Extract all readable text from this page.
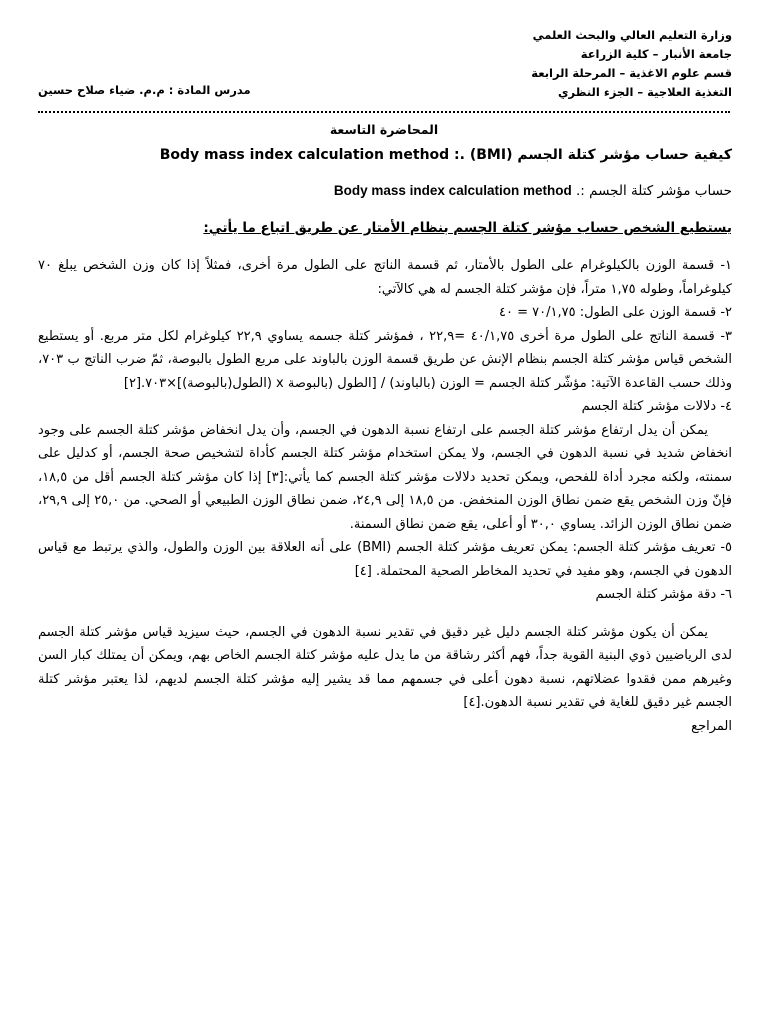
وزارة التعليم العالي والبحث العلمي
جامعة الأنبار – كلية الزراعة
قسم علوم الاغذية – المرحلة الرابعة
التغذية العلاجية – الجزء النظري
مدرس المادة : م.م. ضياء صلاح حسين
المحاضرة التاسعة
كيفية حساب مؤشر كتلة الجسم (BMI) .: Body mass index calculation method
حساب مؤشر كتلة الجسم :. Body mass index calculation method
يستطيع الشخص حساب مؤشر كتلة الجسم بنظام الأمتار عن طريق اتباع ما يأتي:

١- قسمة الوزن بالكيلوغرام على الطول بالأمتار، ثم قسمة الناتج على الطول مرة أخرى، فمثلاً إذا كان وزن الشخص يبلغ ٧٠ كيلوغراماً، وطوله ١,٧٥ متراً، فإن مؤشر كتلة الجسم له هي كالآتي:

٢- قسمة الوزن على الطول: ٧٠/١,٧٥ = ٤٠

٣- قسمة الناتج على الطول مرة أخرى ٤٠/١,٧٥ =٢٢,٩ ، فمؤشر كتلة جسمه يساوي ٢٢,٩ كيلوغرام لكل متر مربع. أو يستطيع الشخص قياس مؤشر كتلة الجسم بنظام الإنش عن طريق قسمة الوزن بالباوند على مربع الطول بالبوصة، ثمّ ضرب الناتج ب ٧٠٣، وذلك حسب القاعدة الآتية: مؤشّر كتلة الجسم = الوزن (بالباوند) / [الطول (بالبوصة x (الطول(بالبوصة)]×٧٠٣.[٢]

٤- دلالات مؤشر كتلة الجسم

يمكن أن يدل ارتفاع مؤشر كتلة الجسم على ارتفاع نسبة الدهون في الجسم، وأن يدل انخفاض مؤشر كتلة الجسم على وجود انخفاض شديد في نسبة الدهون في الجسم، ولا يمكن استخدام مؤشر كتلة الجسم كأداة لتشخيص صحة الجسم، أو كدليل على سمنته، ولكنه مجرد أداة للفحص، ويمكن تحديد دلالات مؤشر كتلة الجسم كما يأتي:[٣] إذا كان مؤشر كتلة الجسم أقل من ١٨,٥، فإنّ وزن الشخص يقع ضمن نطاق الوزن المنخفض. من ١٨,٥ إلى ٢٤,٩، ضمن نطاق الوزن الطبيعي أو الصحي. من ٢٥,٠ إلى ٢٩,٩، ضمن نطاق الوزن الزائد. يساوي ٣٠,٠ أو أعلى، يقع ضمن نطاق السمنة.

٥- تعريف مؤشر كتلة الجسم: يمكن تعريف مؤشر كتلة الجسم (BMI) على أنه العلاقة بين الوزن والطول، والذي يرتبط مع قياس الدهون في الجسم، وهو مفيد في تحديد المخاطر الصحية المحتملة. [٤]

٦- دقة مؤشر كتلة الجسم

يمكن أن يكون مؤشر كتلة الجسم دليل غير دقيق في تقدير نسبة الدهون في الجسم، حيث سيزيد قياس مؤشر كتلة الجسم لدى الرياضيين ذوي البنية القوية جداً، فهم أكثر رشاقة من ما يدل عليه مؤشر كتلة الجسم الخاص بهم، ويمكن أن يمتلك كبار السن وغيرهم ممن فقدوا عضلاتهم، نسبة دهون أعلى في جسمهم مما قد يشير إليه مؤشر كتلة الجسم لديهم، لذا يعتبر مؤشر كتلة الجسم غير دقيق للغاية في تقدير نسبة الدهون.[٤]

المراجع
